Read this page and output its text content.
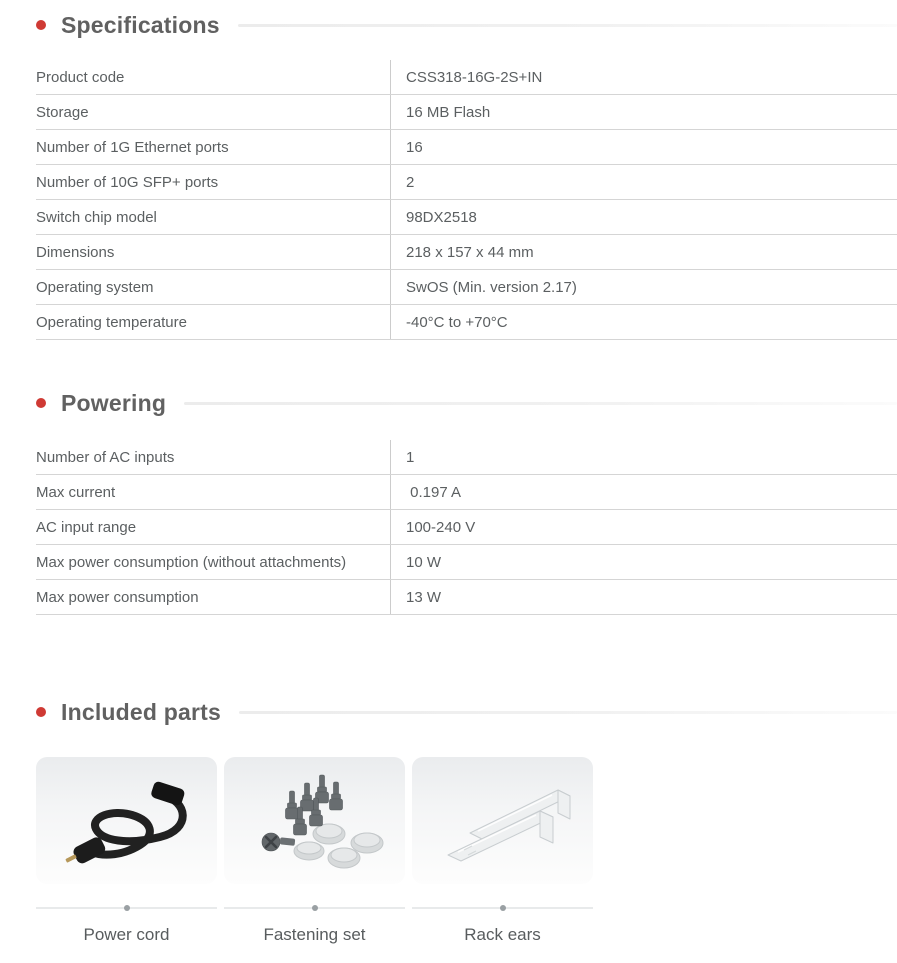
Specifications
Product code	CSS318-16G-2S+IN
Storage	16 MB Flash
Number of 1G Ethernet ports	16
Number of 10G SFP+ ports	2
Switch chip model	98DX2518
Dimensions	218 x 157 x 44 mm
Operating system	SwOS (Min. version 2.17)
Operating temperature	-40°C to +70°C
Powering
Number of AC inputs	1
Max current	0.197 A
AC input range	100-240 V
Max power consumption (without attachments)	10 W
Max power consumption	13 W
Included parts
Power cord	Fastening set	Rack ears
